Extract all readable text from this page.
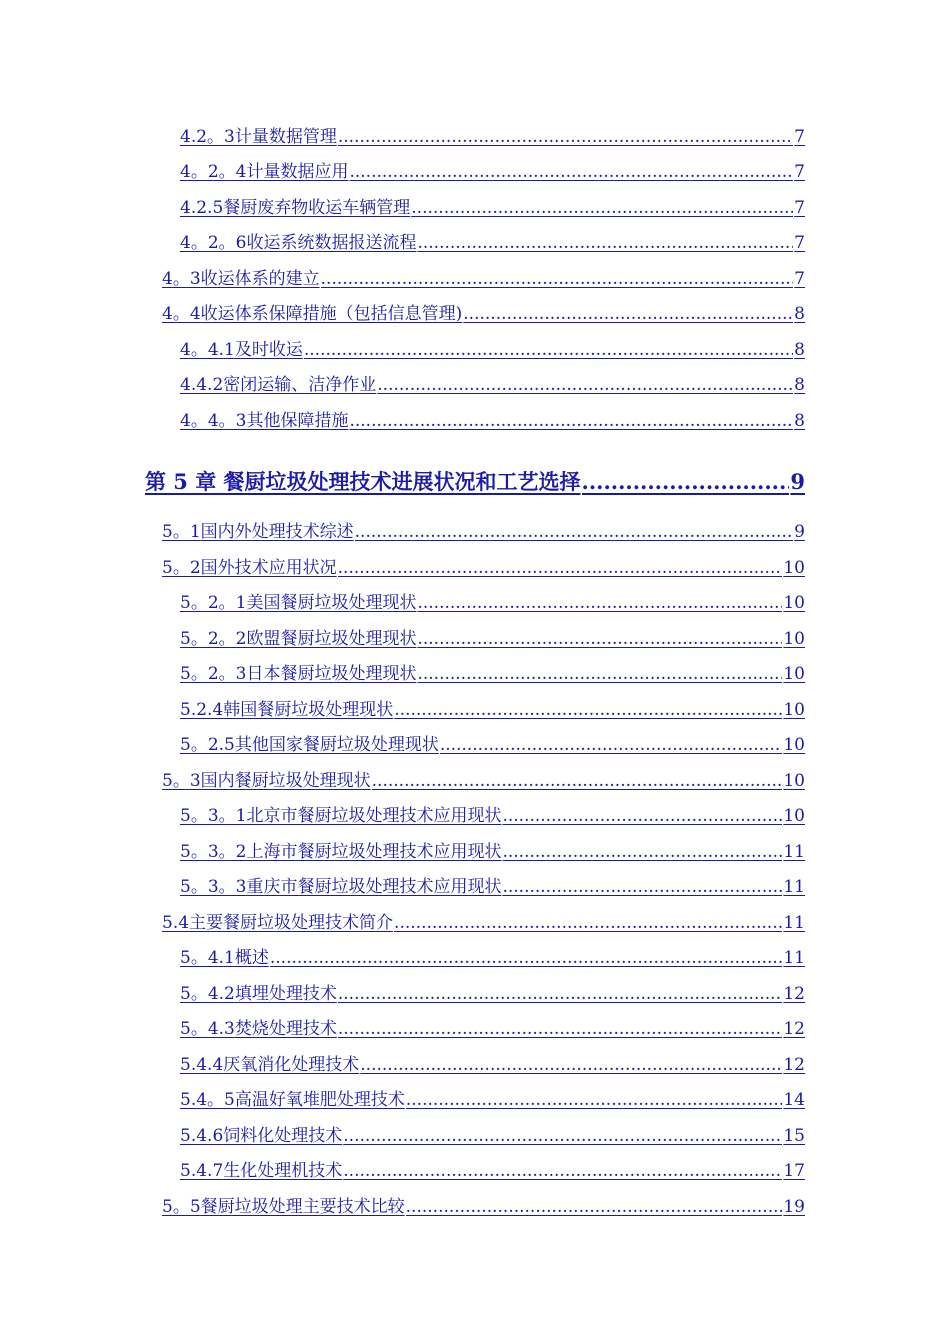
4.2。3 计量数据管理 .....	7
4。2。4 计量数据应用 .....	7
4.2.5 餐厨废弃物收运车辆管理 .....	7
4。2。6 收运系统数据报送流程 .....	7
4。3 收运体系的建立 .....	7
4。4 收运体系保障措施（包括信息管理) .....	8
4。4.1 及时收运 .....	8
4.4.2 密闭运输、洁净作业 .....	8
4。4。3 其他保障措施 .....	8
第 5 章 餐厨垃圾处理技术进展状况和工艺选择 .....	9
5。1 国内外处理技术综述 .....	9
5。2 国外技术应用状况 .....	10
5。2。1 美国餐厨垃圾处理现状 .....	10
5。2。2 欧盟餐厨垃圾处理现状 .....	10
5。2。3 日本餐厨垃圾处理现状 .....	10
5.2.4 韩国餐厨垃圾处理现状 .....	10
5。2.5 其他国家餐厨垃圾处理现状 .....	10
5。3 国内餐厨垃圾处理现状 .....	10
5。3。1 北京市餐厨垃圾处理技术应用现状 .....	10
5。3。2 上海市餐厨垃圾处理技术应用现状 .....	11
5。3。3 重庆市餐厨垃圾处理技术应用现状 .....	11
5.4 主要餐厨垃圾处理技术简介 .....	11
5。4.1 概述 .....	11
5。4.2 填埋处理技术 .....	12
5。4.3 焚烧处理技术 .....	12
5.4.4 厌氧消化处理技术 .....	12
5.4。5 高温好氧堆肥处理技术 .....	14
5.4.6 饲料化处理技术 .....	15
5.4.7 生化处理机技术 .....	17
5。5 餐厨垃圾处理主要技术比较 .....	19
